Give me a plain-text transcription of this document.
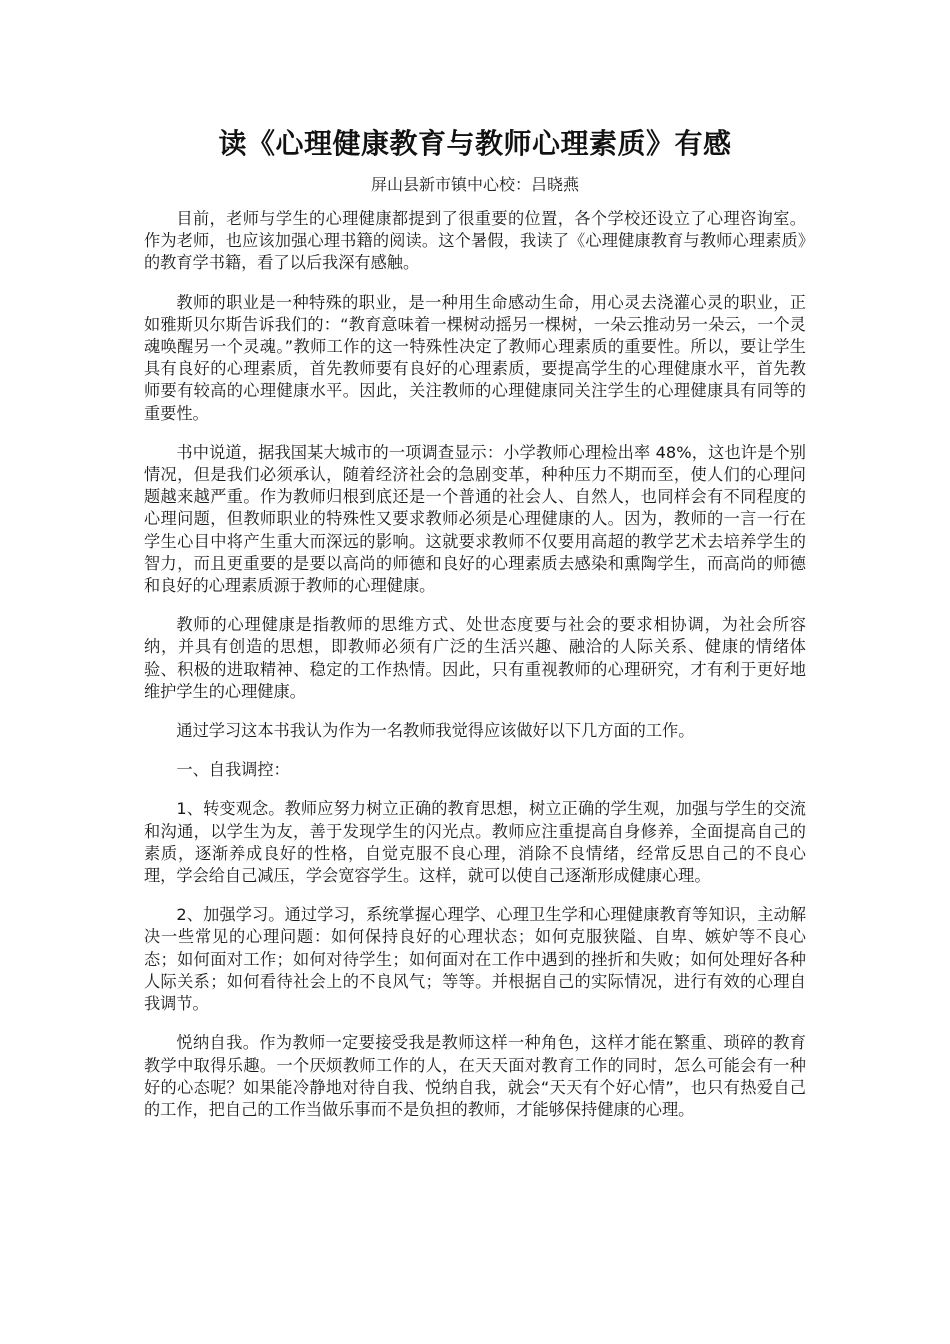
读《心理健康教育与教师心理素质》有感
屏山县新市镇中心校：吕晓燕

目前，老师与学生的心理健康都提到了很重要的位置，各个学校还设立了心理咨询室。作为老师，也应该加强心理书籍的阅读。这个暑假，我读了《心理健康教育与教师心理素质》的教育学书籍，看了以后我深有感触。

教师的职业是一种特殊的职业，是一种用生命感动生命，用心灵去浇灌心灵的职业，正如雅斯贝尔斯告诉我们的：“教育意味着一棵树动摇另一棵树，一朵云推动另一朵云，一个灵魂唤醒另一个灵魂。”教师工作的这一特殊性决定了教师心理素质的重要性。所以，要让学生具有良好的心理素质，首先教师要有良好的心理素质，要提高学生的心理健康水平，首先教师要有较高的心理健康水平。因此，关注教师的心理健康同关注学生的心理健康具有同等的重要性。

书中说道，据我国某大城市的一项调查显示：小学教师心理检出率 48%，这也许是个别情况，但是我们必须承认，随着经济社会的急剧变革，种种压力不期而至，使人们的心理问题越来越严重。作为教师归根到底还是一个普通的社会人、自然人，也同样会有不同程度的心理问题，但教师职业的特殊性又要求教师必须是心理健康的人。因为，教师的一言一行在学生心目中将产生重大而深远的影响。这就要求教师不仅要用高超的教学艺术去培养学生的智力，而且更重要的是要以高尚的师德和良好的心理素质去感染和熏陶学生，而高尚的师德和良好的心理素质源于教师的心理健康。

教师的心理健康是指教师的思维方式、处世态度要与社会的要求相协调，为社会所容纳，并具有创造的思想，即教师必须有广泛的生活兴趣、融洽的人际关系、健康的情绪体验、积极的进取精神、稳定的工作热情。因此，只有重视教师的心理研究，才有利于更好地维护学生的心理健康。

通过学习这本书我认为作为一名教师我觉得应该做好以下几方面的工作。

一、自我调控：

1、转变观念。教师应努力树立正确的教育思想，树立正确的学生观，加强与学生的交流和沟通，以学生为友，善于发现学生的闪光点。教师应注重提高自身修养，全面提高自己的素质，逐渐养成良好的性格，自觉克服不良心理，消除不良情绪，经常反思自己的不良心理，学会给自己减压，学会宽容学生。这样，就可以使自己逐渐形成健康心理。

2、加强学习。通过学习，系统掌握心理学、心理卫生学和心理健康教育等知识，主动解决一些常见的心理问题：如何保持良好的心理状态；如何克服狭隘、自卑、嫉妒等不良心态；如何面对工作；如何对待学生；如何面对在工作中遇到的挫折和失败；如何处理好各种人际关系；如何看待社会上的不良风气；等等。并根据自己的实际情况，进行有效的心理自我调节。

悦纳自我。作为教师一定要接受我是教师这样一种角色，这样才能在繁重、琐碎的教育教学中取得乐趣。一个厌烦教师工作的人，在天天面对教育工作的同时，怎么可能会有一种好的心态呢？如果能冷静地对待自我、悦纳自我，就会“天天有个好心情”，也只有热爱自己的工作，把自己的工作当做乐事而不是负担的教师，才能够保持健康的心理。
